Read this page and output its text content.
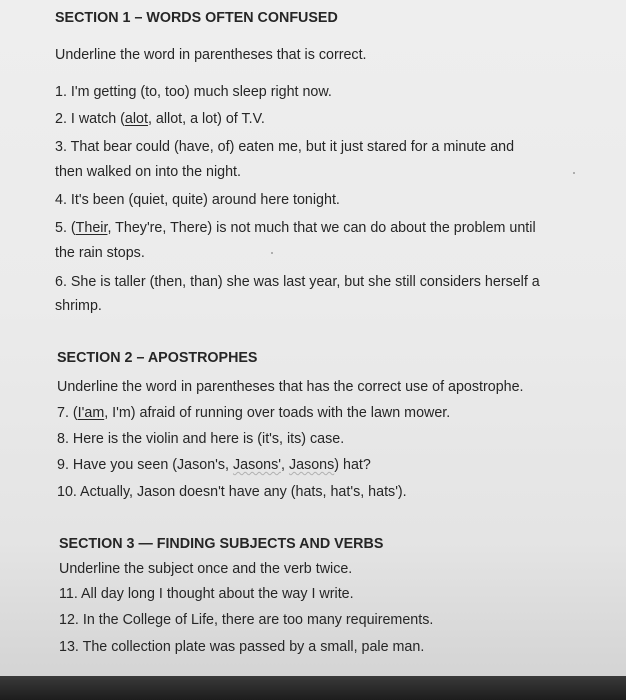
SECTION 1 – WORDS OFTEN CONFUSED
Underline the word in parentheses that is correct.
1. I'm getting (to, too) much sleep right now.
2. I watch (alot, allot, a lot) of T.V.
3. That bear could (have, of) eaten me, but it just stared for a minute and
then walked on into the night.
4. It's been (quiet, quite) around here tonight.
5. (Their, They're, There) is not much that we can do about the problem until
the rain stops.
6. She is taller (then, than) she was last year, but she still considers herself a
shrimp.
SECTION 2 – APOSTROPHES
Underline the word in parentheses that has the correct use of apostrophe.
7. (I'am, I'm) afraid of running over toads with the lawn mower.
8. Here is the violin and here is (it's, its) case.
9. Have you seen (Jason's, Jasons', Jasons) hat?
10. Actually, Jason doesn't have any (hats, hat's, hats').
SECTION 3 — FINDING SUBJECTS AND VERBS
Underline the subject once and the verb twice.
11. All day long I thought about the way I write.
12. In the College of Life, there are too many requirements.
13. The collection plate was passed by a small, pale man.
